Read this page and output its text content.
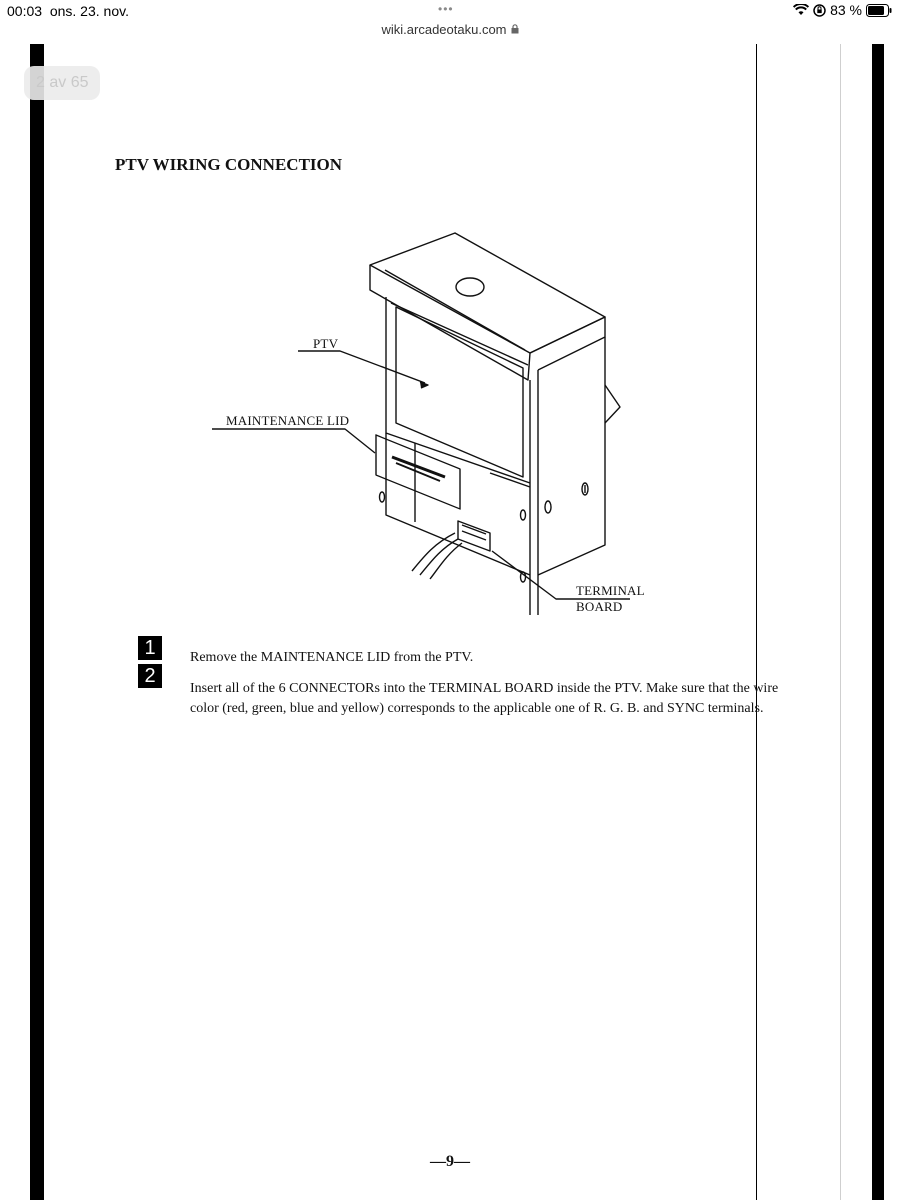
00:03 ons. 23. nov.	•••	83 %
wiki.arcadeotaku.com
2 av 65
PTV WIRING CONNECTION
PTV
MAINTENANCE LID
TERMINAL BOARD
1	Remove the MAINTENANCE LID from the PTV.
2
Insert all of the 6 CONNECTORs into the TERMINAL BOARD inside the PTV. Make sure that the wire color (red, green, blue and yellow) corresponds to the applicable one of R. G. B. and SYNC terminals.
—9—
